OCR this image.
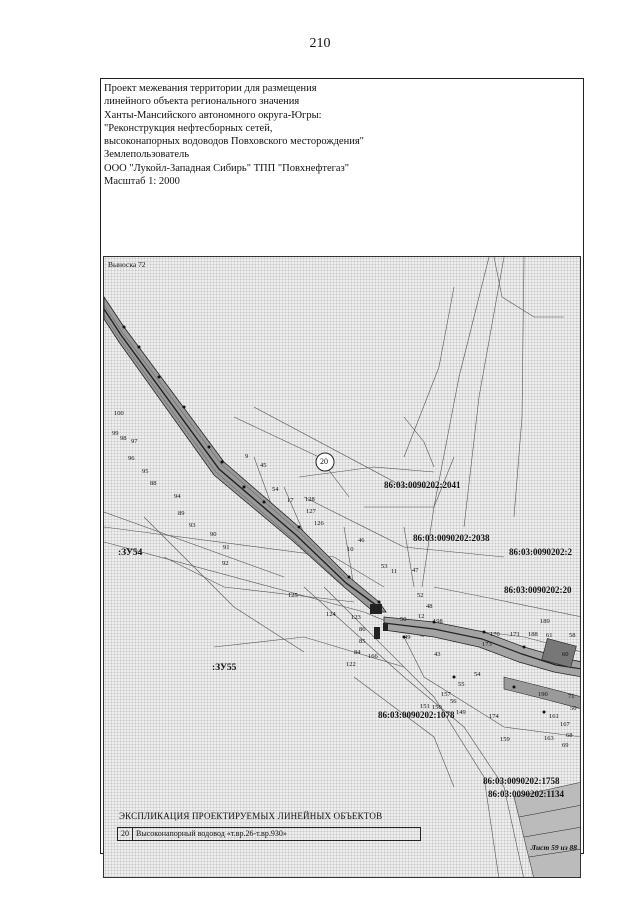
210
Проект межевания территории для размещения
линейного объекта регионального значения
Ханты-Мансийского автономного округа-Югры:
"Реконструкция нефтесборных сетей,
высоконапорных водоводов Повховского месторождения"
Землепользователь
ООО "Лукойл-Западная Сибирь" ТПП "Повхнефтегаз"
Масштаб 1: 2000
Выноска 72
20
86:03:0090202:2041
86:03:0090202:2038
86:03:0090202:2
86:03:0090202:20
86:03:0090202:1078
86:03:0090202:1758
86:03:0090202:1134
:ЗУ54
:ЗУ55
100
99
98 97
96
95
88
94
89
93
90
91
92
9
45
54
17 128
127
126
46
10
53
11 47
52
48
12
125
124 123
86
85
84
166
122
50
49
198	189
170 171 188 61	58
60
173
43
54
55
56
157
150
151
149
174
190
161
163
159
167
68
69
71
50
ЭКСПЛИКАЦИЯ ПРОЕКТИРУЕМЫХ ЛИНЕЙНЫХ ОБЪЕКТОВ
20 Высоконапорный водовод «т.вр.26-т.вр.930»
Лист 59 из 88
